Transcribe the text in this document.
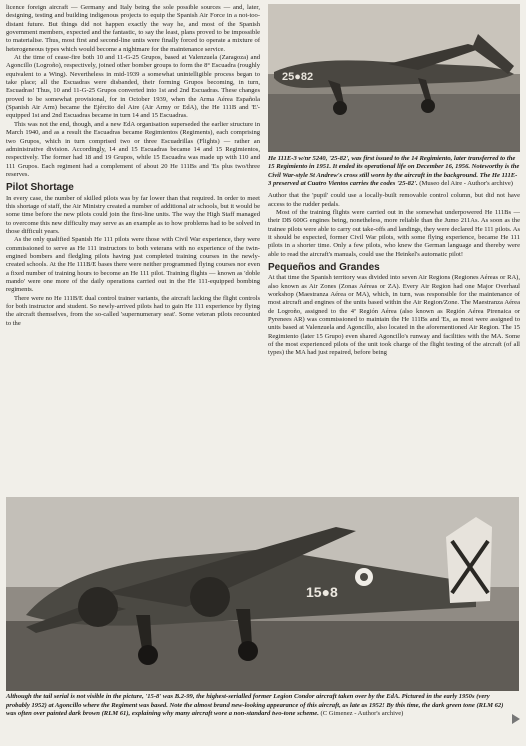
licence foreign aircraft — Germany and Italy being the sole possible sources — and, later, designing, testing and building indigenous projects to equip the Spanish Air Force in a not-too-distant future. But things did not happen exactly the way he, and most of the Spanish government members, expected and the fantastic, to say the least, plans proved to be impossible to materialise. Thus, most first and second-line units were finally forced to operate a mixture of heterogeneous types which would become a nightmare for the maintenance service.

At the time of cease-fire both 10 and 11-G-25 Grupos, based at Valenzuela (Zaragoza) and Agoncillo (Logroño), respectively, joined other bomber groups to form the 8° Escuadra (roughly equivalent to a Wing). Nevertheless in mid-1939 a somewhat unintelligible process began to take place; all the Escuadras were disbanded, their forming Grupos becoming, in turn, Escuadras! Thus, 10 and 11-G-25 Grupos converted into 1st and 2nd Escuadras. These changes proved to be somewhat provisional, for in October 1939, when the Arma Aérea Española (Spanish Air Arm) became the Ejército del Aire (Air Army or EdA), the He 111B and 'E'-equipped 1st and 2nd Escuadras became in turn 14 and 15 Escuadras.

This was not the end, though, and a new EdA organisation superseded the earlier structure in March 1940, and as a result the Escuadras became Regimientos (Regiments), each comprising two Grupos, which in turn comprised two or three Escuadrillas (Flights) — rather an administrative division. Accordingly, 14 and 15 Escuadras became 14 and 15 Regimientos, respectively. The former had 18 and 19 Grupos, while 15 Escuadra was made up with 110 and 111 Grupos. Each regiment had a complement of about 20 He 111Bs and 'Es plus two/three reserves.

Pilot Shortage

In every case, the number of skilled pilots was by far lower than that required. In order to meet this shortage of staff, the Air Ministry created a number of additional air schools, but it would be some time before the new pilots could join the first-line units. The way the High Staff managed to overcome this new difficulty may serve as an example as to how problems had to be solved in those difficult years.

As the only qualified Spanish He 111 pilots were those with Civil War experience, they were commissioned to serve as He 111 instructors to both veterans with no experience of the twin-engined bombers and fledgling pilots having just completed training courses in the newly-created schools. At the He 111B/E bases there were neither programmed flying courses nor even a fixed number of training hours to become an He 111 pilot. Training flights — known as 'doble mando' were one more of the daily operations carried out in the He 111-equipped bombing regiments.

There were no He 111B/E dual control trainer variants, the aircraft lacking the flight controls for both instructor and student. So newly-arrived pilots had to gain He 111 experience by flying the aircraft themselves, from the so-called 'supernumerary seat'. Some veteran pilots recounted to the

25●82
He 111E-3 w/nr 5240, '25-82', was first issued to the 14 Regimiento, later transferred to the 15 Regimiento in 1951. It ended its operational life on December 16, 1956. Noteworthy is the Civil War-style St Andrew's cross still worn by the aircraft in the background. The He 111E-3 preserved at Cuatro Vientos carries the codes '25-82'. (Museo del Aire - Author's archive)

Author that the 'pupil' could use a locally-built removable control column, but did not have access to the rudder pedals.

Most of the training flights were carried out in the somewhat underpowered He 111Bs — their DB 600G engines being, nonetheless, more reliable than the Jumo 211As. As soon as the trainee pilots were able to carry out take-offs and landings, they were declared He 111 pilots. As it should be expected, former Civil War pilots, with some flying experience, became He 111 pilots in a shorter time. Only a few pilots, who knew the German language and thereby were able to read the aircraft's manuals, could use the Heinkel's automatic pilot!

Pequeños and Grandes

At that time the Spanish territory was divided into seven Air Regions (Regiones Aéreas or RA), also known as Air Zones (Zonas Aéreas or ZA). Every Air Region had one Major Overhaul workshop (Maestranza Aérea or MA), which, in turn, was responsible for the maintenance of most aircraft and engines of the units based within the Air Region/Zone. The Maestranza Aérea de Logroño, assigned to the 4ª Región Aérea (also known as Región Aérea Pirenaica or Pyrenees AR) was commissioned to maintain the He 111Bs and 'Es, as most were assigned to units based at Valenzuela and Agoncillo, also located in the aforementioned Air Region. The 15 Regimiento (later 15 Grupo) even shared Agoncillo's runway and facilities with the MA. Some of the most experienced pilots of the unit took charge of the flight testing of the aircraft (of all types) the MA had just repaired, before being

15●8
Although the tail serial is not visible in the picture, '15-8' was B.2-99, the highest-serialled former Legion Condor aircraft taken over by the EdA. Pictured in the early 1950s (very probably 1952) at Agoncillo where the Regiment was based. Note the almost brand new-looking appearance of this aircraft, as late as 1952! By this time, the dark green tone (RLM 62) was often over painted dark brown (RLM 61), explaining why many aircraft wore a non-standard two-tone scheme. (C Gimenez - Author's archive)
